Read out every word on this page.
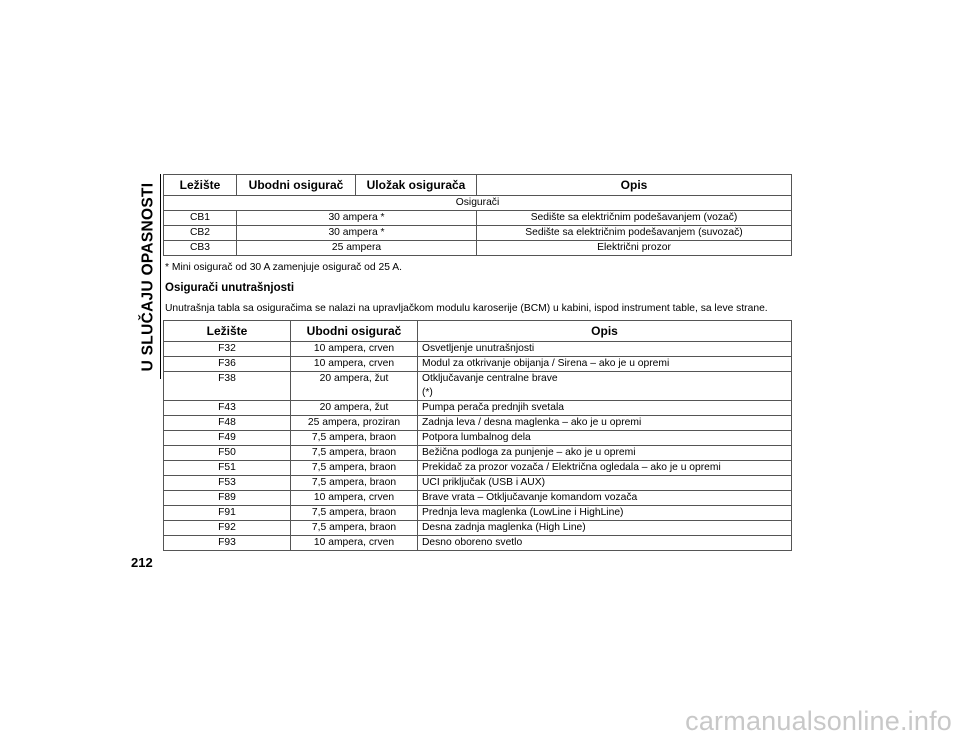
U SLUČAJU OPASNOSTI Ležište	Ubodni osigurač	Uložak osigurača	Opis
Osigurači			
CB1	30 ampera *		Sedište sa električnim podešavanjem (vozač)
CB2	30 ampera *		Sedište sa električnim podešavanjem (suvozač)
CB3	25 ampera		Električni prozor
* Mini osigurač od 30 A zamenjuje osigurač od 25 A.
Osigurači unutrašnjosti
Unutrašnja tabla sa osiguračima se nalazi na upravljačkom modulu karoserije (BCM) u kabini, ispod instrument table, sa leve strane.
Ležište	Ubodni osigurač	Opis
F32	10 ampera, crven	Osvetljenje unutrašnjosti
F36	10 ampera, crven	Modul za otkrivanje obijanja / Sirena – ako je u opremi
F38	20 ampera, žut	Otključavanje centralne brave
(*)

F43	20 ampera, žut	Pumpa perača prednjih svetala
F48	25 ampera, proziran	Zadnja leva / desna maglenka – ako je u opremi
F49	7,5 ampera, braon	Potpora lumbalnog dela
F50	7,5 ampera, braon	Bežična podloga za punjenje – ako je u opremi
F51	7,5 ampera, braon	Prekidač za prozor vozača / Električna ogledala – ako je u opremi
F53	7,5 ampera, braon	UCI priključak (USB i AUX)
F89	10 ampera, crven	Brave vrata – Otključavanje komandom vozača
F91	7,5 ampera, braon	Prednja leva maglenka (LowLine i HighLine)
F92	7,5 ampera, braon	Desna zadnja maglenka (High Line)
F93	10 ampera, crven	Desno oboreno svetlo
212
carmanualsonline.info
